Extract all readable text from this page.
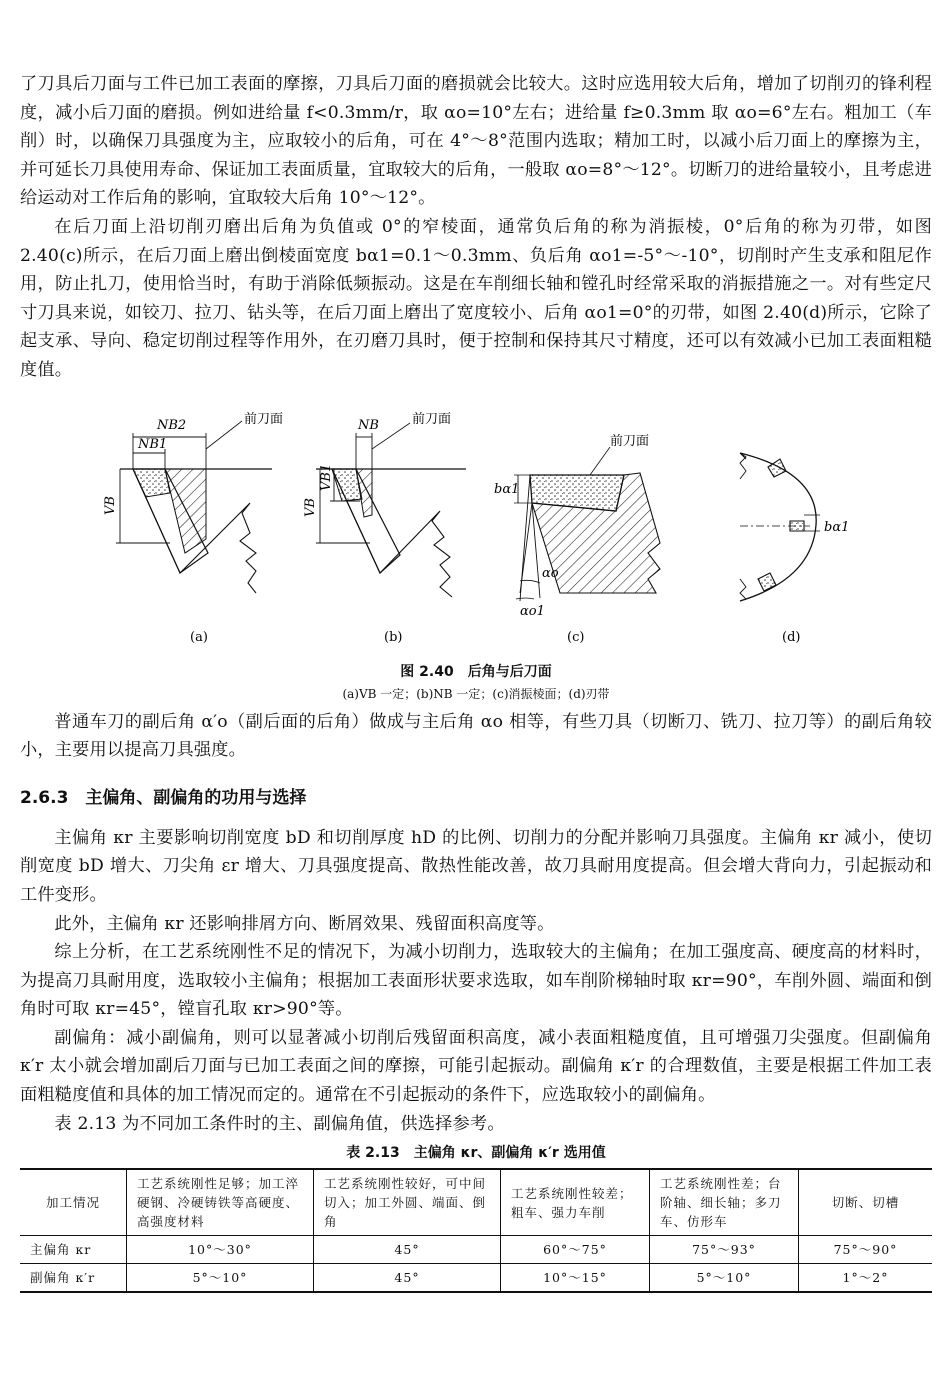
了刀具后刀面与工件已加工表面的摩擦，刀具后刀面的磨损就会比较大。这时应选用较大后角，增加了切削刃的锋利程度，减小后刀面的磨损。例如进给量 f<0.3mm/r，取 αo=10°左右；进给量 f≥0.3mm 取 αo=6°左右。粗加工（车削）时，以确保刀具强度为主，应取较小的后角，可在 4°～8°范围内选取；精加工时，以减小后刀面上的摩擦为主，并可延长刀具使用寿命、保证加工表面质量，宜取较大的后角，一般取 αo=8°～12°。切断刀的进给量较小，且考虑进给运动对工作后角的影响，宜取较大后角 10°～12°。

在后刀面上沿切削刃磨出后角为负值或 0°的窄棱面，通常负后角的称为消振棱，0°后角的称为刃带，如图 2.40(c)所示，在后刀面上磨出倒棱面宽度 bα1=0.1～0.3mm、负后角 αo1=-5°～-10°，切削时产生支承和阻尼作用，防止扎刀，使用恰当时，有助于消除低频振动。这是在车削细长轴和镗孔时经常采取的消振措施之一。对有些定尺寸刀具来说，如铰刀、拉刀、钻头等，在后刀面上磨出了宽度较小、后角 αo1=0°的刃带，如图 2.40(d)所示，它除了起支承、导向、稳定切削过程等作用外，在刃磨刀具时，便于控制和保持其尺寸精度，还可以有效减小已加工表面粗糙度值。

NB2
NB1
VB
前刀面
(a)
NB
VB
VB1
前刀面
(b)
bα1
αo
αo1
前刀面
(c)
bα1
(d)
图 2.40　后角与后刀面
(a)VB 一定；(b)NB 一定；(c)消振棱面；(d)刃带

普通车刀的副后角 α′o（副后面的后角）做成与主后角 αo 相等，有些刀具（切断刀、铣刀、拉刀等）的副后角较小，主要用以提高刀具强度。

2.6.3　主偏角、副偏角的功用与选择

主偏角 κr 主要影响切削宽度 bD 和切削厚度 hD 的比例、切削力的分配并影响刀具强度。主偏角 κr 减小，使切削宽度 bD 增大、刀尖角 εr 增大、刀具强度提高、散热性能改善，故刀具耐用度提高。但会增大背向力，引起振动和工件变形。

此外，主偏角 κr 还影响排屑方向、断屑效果、残留面积高度等。

综上分析，在工艺系统刚性不足的情况下，为减小切削力，选取较大的主偏角；在加工强度高、硬度高的材料时，为提高刀具耐用度，选取较小主偏角；根据加工表面形状要求选取，如车削阶梯轴时取 κr=90°，车削外圆、端面和倒角时可取 κr=45°，镗盲孔取 κr>90°等。

副偏角：减小副偏角，则可以显著减小切削后残留面积高度，减小表面粗糙度值，且可增强刀尖强度。但副偏角 κ′r 太小就会增加副后刀面与已加工表面之间的摩擦，可能引起振动。副偏角 κ′r 的合理数值，主要是根据工件加工表面粗糙度值和具体的加工情况而定的。通常在不引起振动的条件下，应选取较小的副偏角。

表 2.13 为不同加工条件时的主、副偏角值，供选择参考。

表 2.13　主偏角 κr、副偏角 κ′r 选用值
加工情况	工艺系统刚性足够；加工淬硬钢、冷硬铸铁等高硬度、高强度材料	工艺系统刚性较好，可中间切入；加工外圆、端面、倒角	工艺系统刚性较差；粗车、强力车削	工艺系统刚性差；台阶轴、细长轴；多刀车、仿形车	切断、切槽
主偏角 κr	10°～30°	45°	60°～75°	75°～93°	75°～90°
副偏角 κ′r	5°～10°	45°	10°～15°	5°～10°	1°～2°
